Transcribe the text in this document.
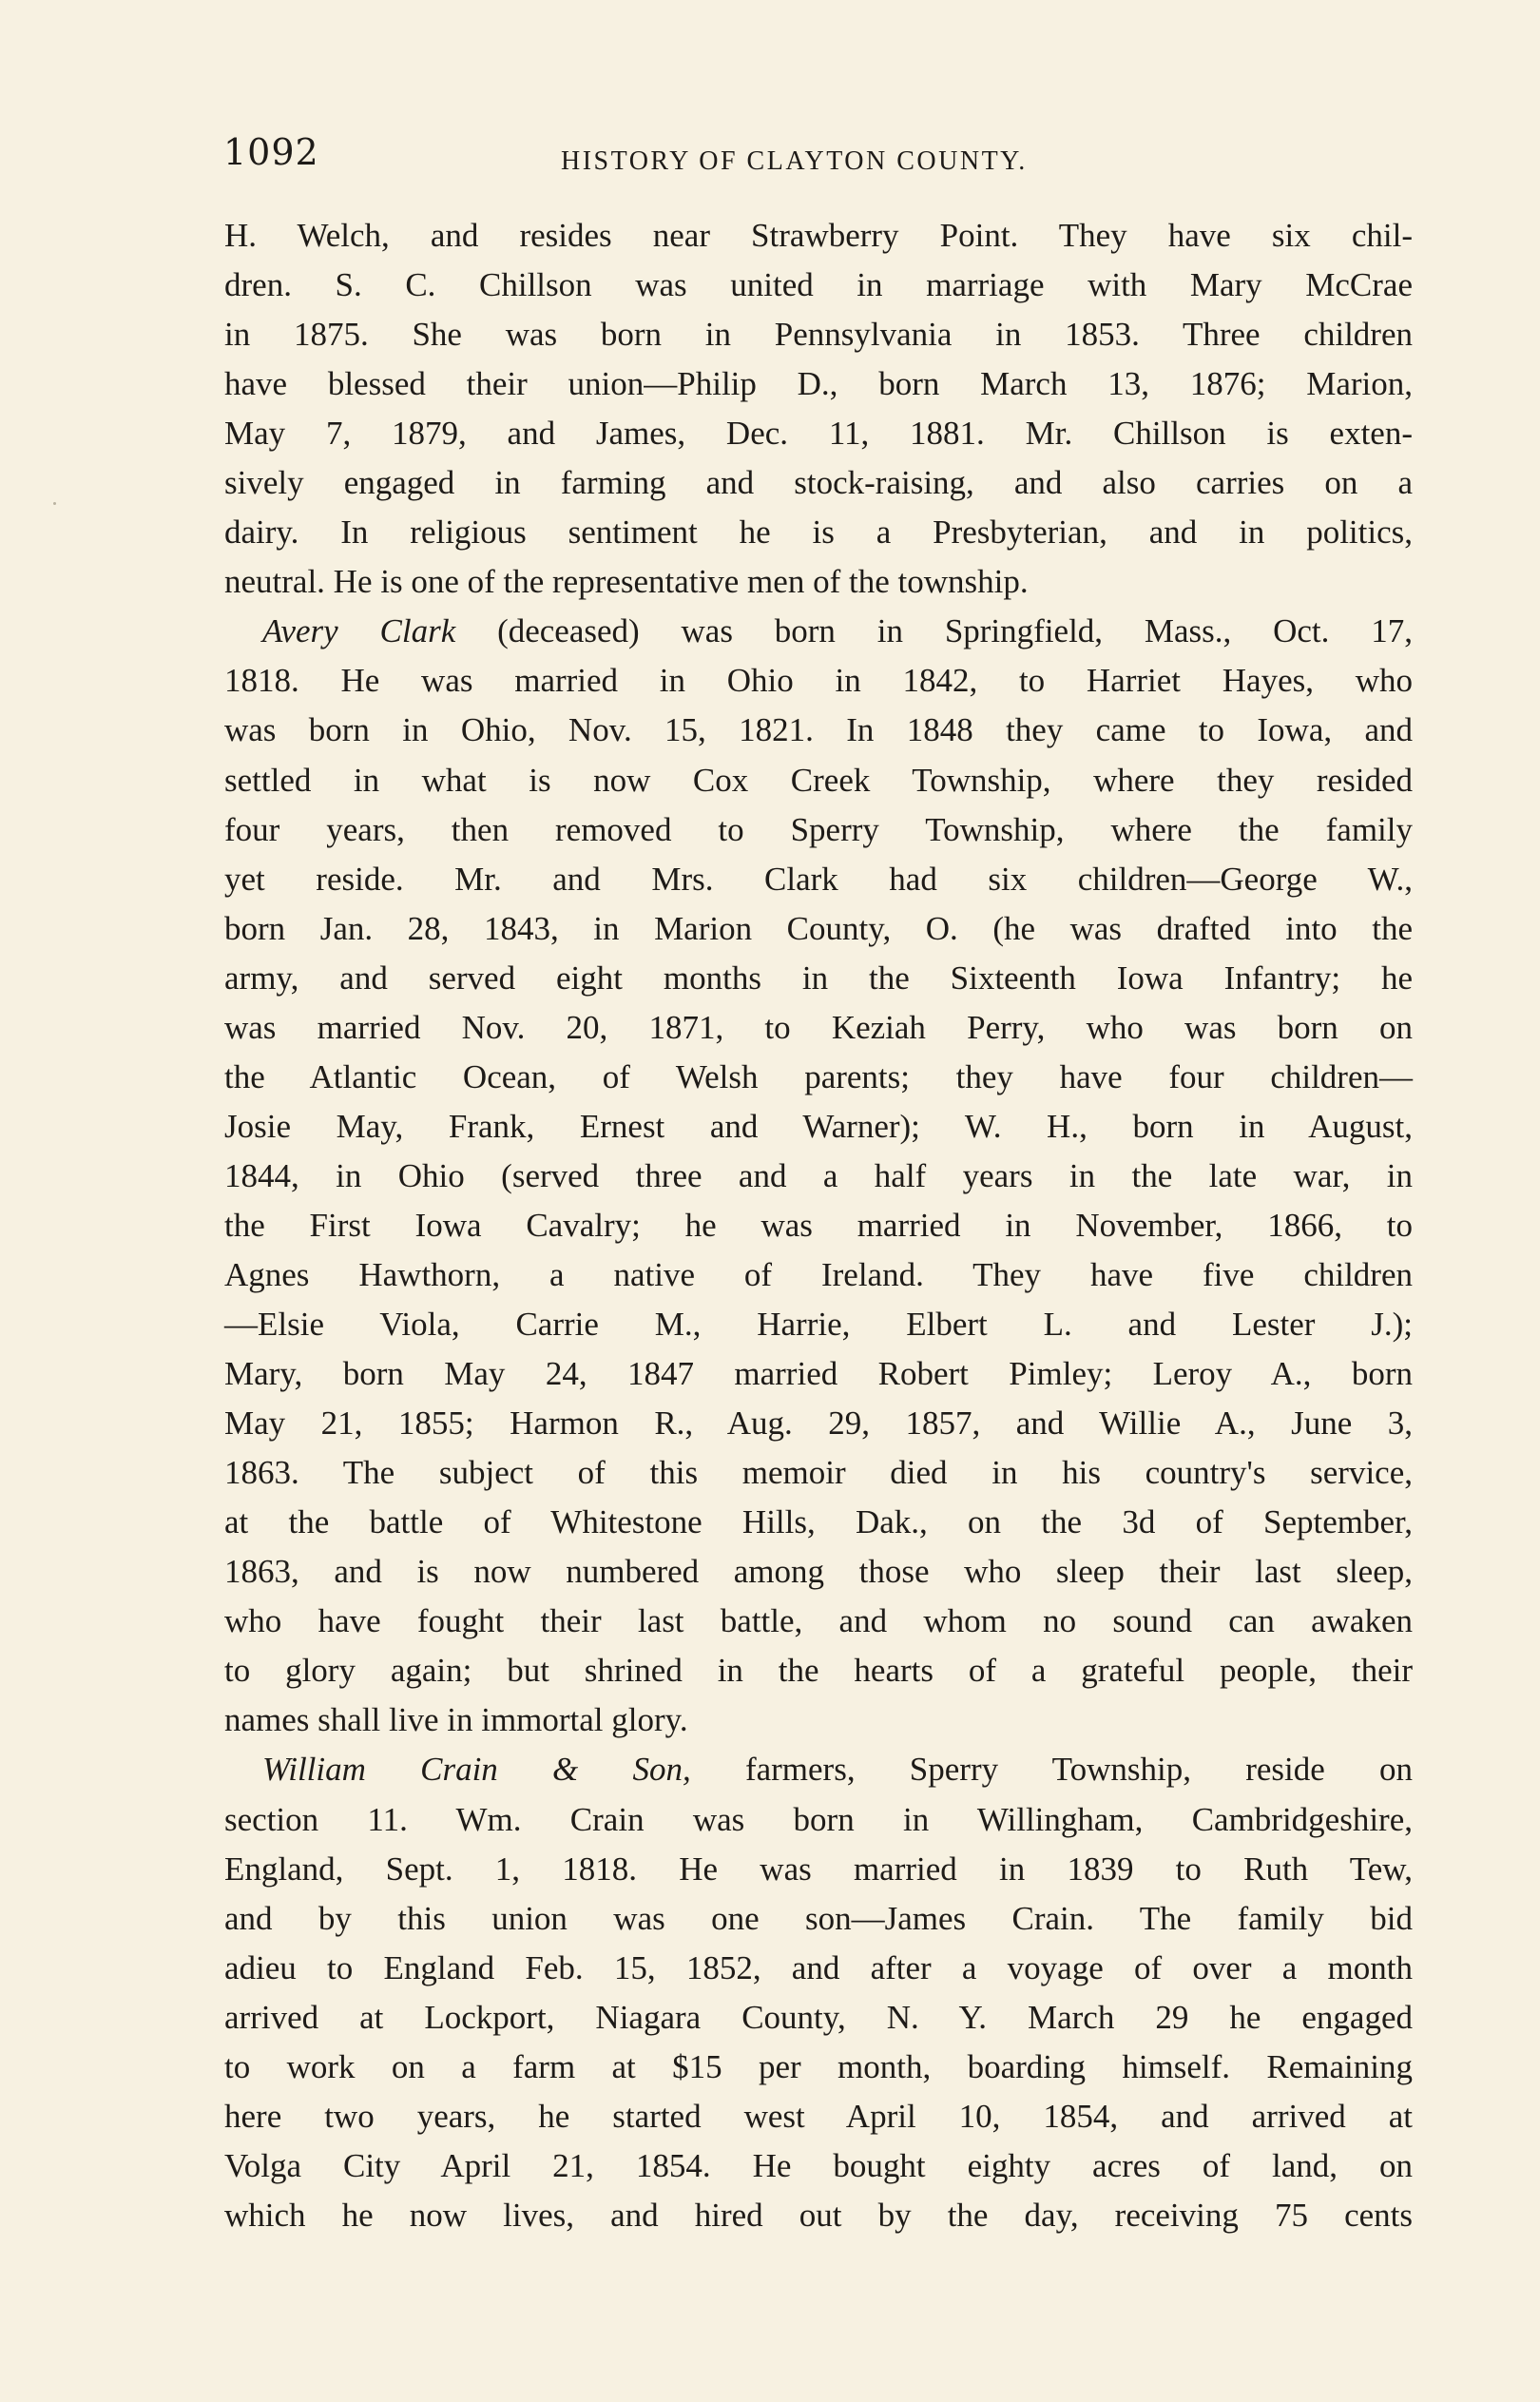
1092	HISTORY OF CLAYTON COUNTY.
H. Welch, and resides near Strawberry Point. They have six chil-
dren. S. C. Chillson was united in marriage with Mary McCrae
in 1875. She was born in Pennsylvania in 1853. Three children
have blessed their union—Philip D., born March 13, 1876; Marion,
May 7, 1879, and James, Dec. 11, 1881. Mr. Chillson is exten-
sively engaged in farming and stock-raising, and also carries on a
dairy. In religious sentiment he is a Presbyterian, and in politics,
neutral. He is one of the representative men of the township.
Avery Clark (deceased) was born in Springfield, Mass., Oct. 17,
1818. He was married in Ohio in 1842, to Harriet Hayes, who
was born in Ohio, Nov. 15, 1821. In 1848 they came to Iowa, and
settled in what is now Cox Creek Township, where they resided
four years, then removed to Sperry Township, where the family
yet reside. Mr. and Mrs. Clark had six children—George W.,
born Jan. 28, 1843, in Marion County, O. (he was drafted into the
army, and served eight months in the Sixteenth Iowa Infantry; he
was married Nov. 20, 1871, to Keziah Perry, who was born on
the Atlantic Ocean, of Welsh parents; they have four children—
Josie May, Frank, Ernest and Warner); W. H., born in August,
1844, in Ohio (served three and a half years in the late war, in
the First Iowa Cavalry; he was married in November, 1866, to
Agnes Hawthorn, a native of Ireland. They have five children
—Elsie Viola, Carrie M., Harrie, Elbert L. and Lester J.);
Mary, born May 24, 1847 married Robert Pimley; Leroy A., born
May 21, 1855; Harmon R., Aug. 29, 1857, and Willie A., June 3,
1863. The subject of this memoir died in his country's service,
at the battle of Whitestone Hills, Dak., on the 3d of September,
1863, and is now numbered among those who sleep their last sleep,
who have fought their last battle, and whom no sound can awaken
to glory again; but shrined in the hearts of a grateful people, their
names shall live in immortal glory.
William Crain & Son, farmers, Sperry Township, reside on
section 11. Wm. Crain was born in Willingham, Cambridgeshire,
England, Sept. 1, 1818. He was married in 1839 to Ruth Tew,
and by this union was one son—James Crain. The family bid
adieu to England Feb. 15, 1852, and after a voyage of over a month
arrived at Lockport, Niagara County, N. Y. March 29 he engaged
to work on a farm at $15 per month, boarding himself. Remaining
here two years, he started west April 10, 1854, and arrived at
Volga City April 21, 1854. He bought eighty acres of land, on
which he now lives, and hired out by the day, receiving 75 cents
